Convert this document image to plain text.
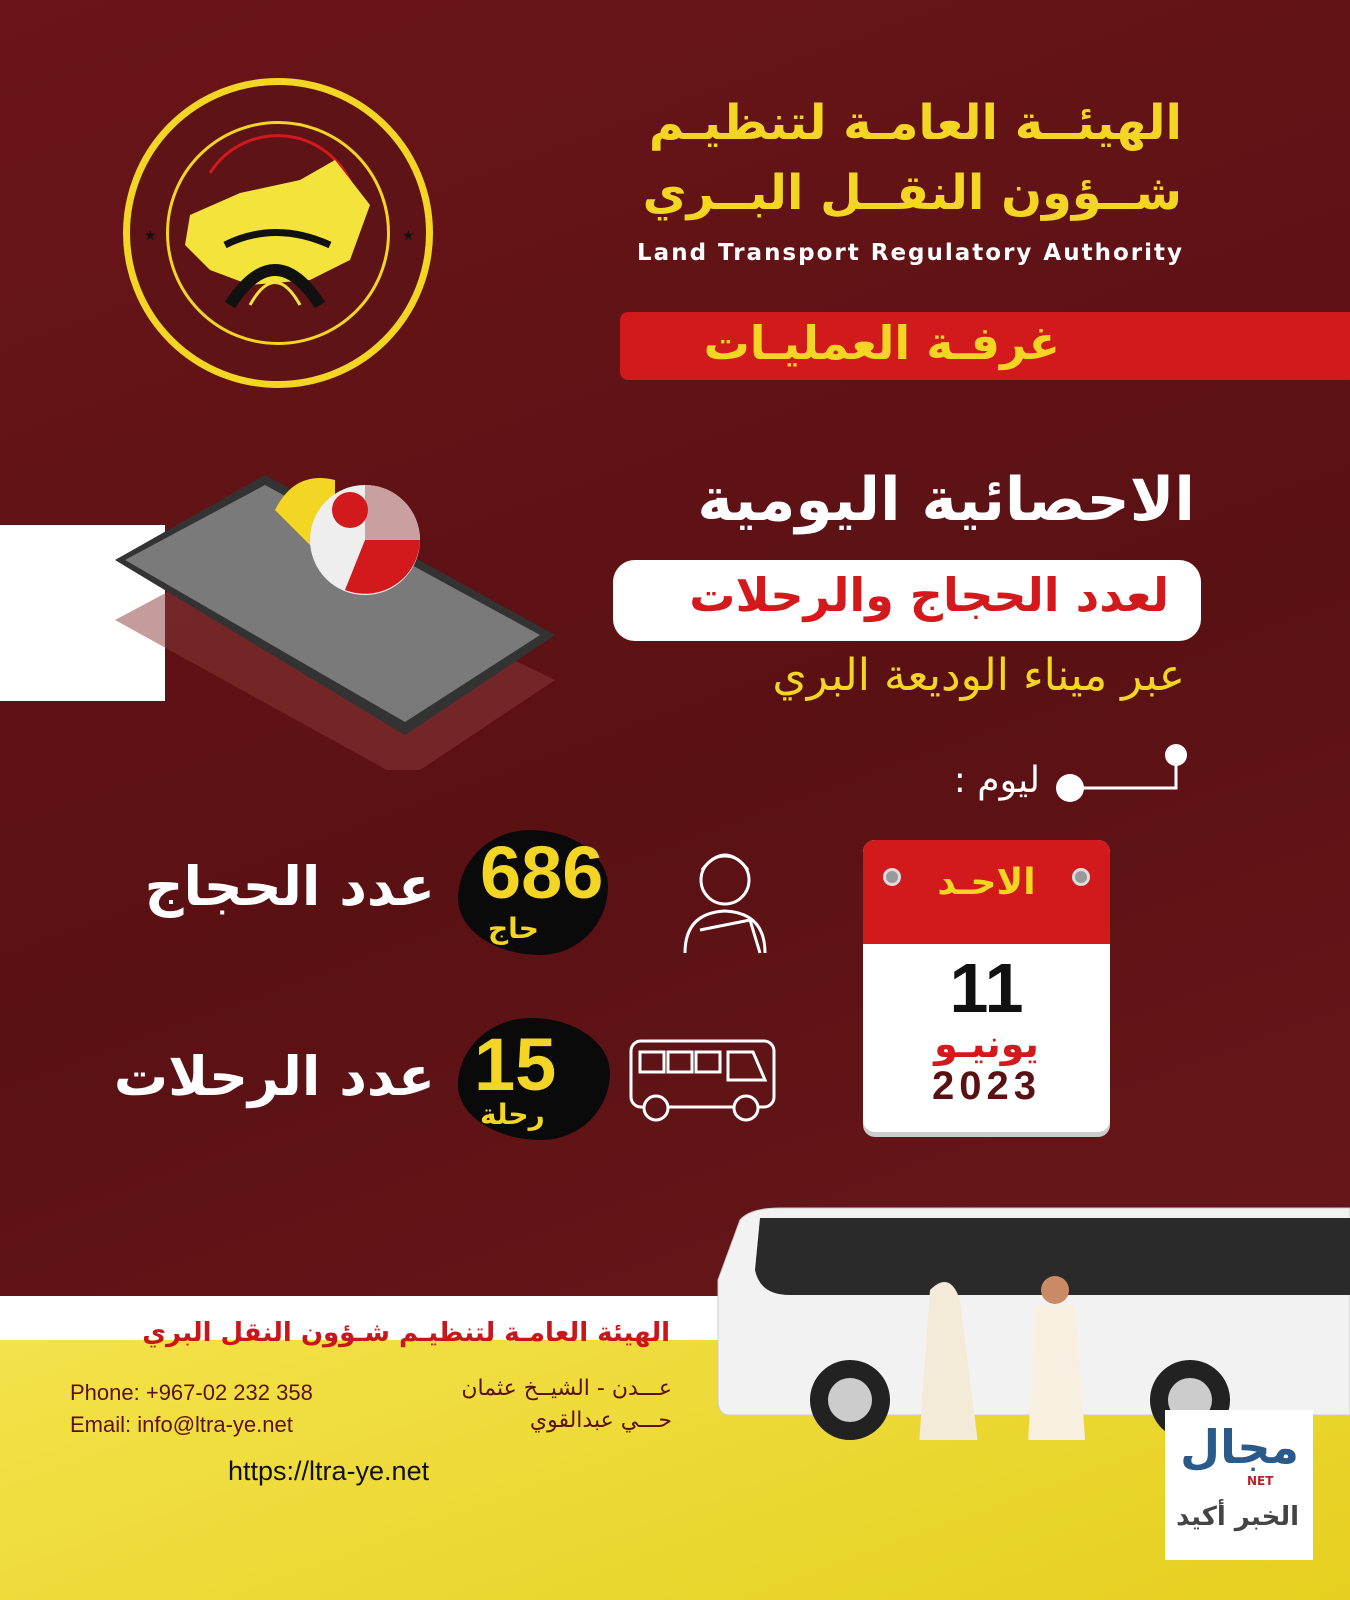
★	★
الهيئــة العامـة لتنظيـم
شــؤون النقــل البــري
Land Transport Regulatory Authority
غرفـة العمليـات
الاحصائية اليومية
لعدد الحجاج والرحلات
عبر ميناء الوديعة البري
ليوم :
الاحـد
11
يونيـو
2023
686
حاج
عدد الحجاج
15
رحلة
عدد الرحلات
الهيئة العامـة لتنظيـم شـؤون النقل البري
عـــدن - الشيــخ عثمان
حـــي عبدالقوي
Phone: +967-02 232 358
Email: info@ltra-ye.net
https://ltra-ye.net	مجال
NET
الخبر أكيد
